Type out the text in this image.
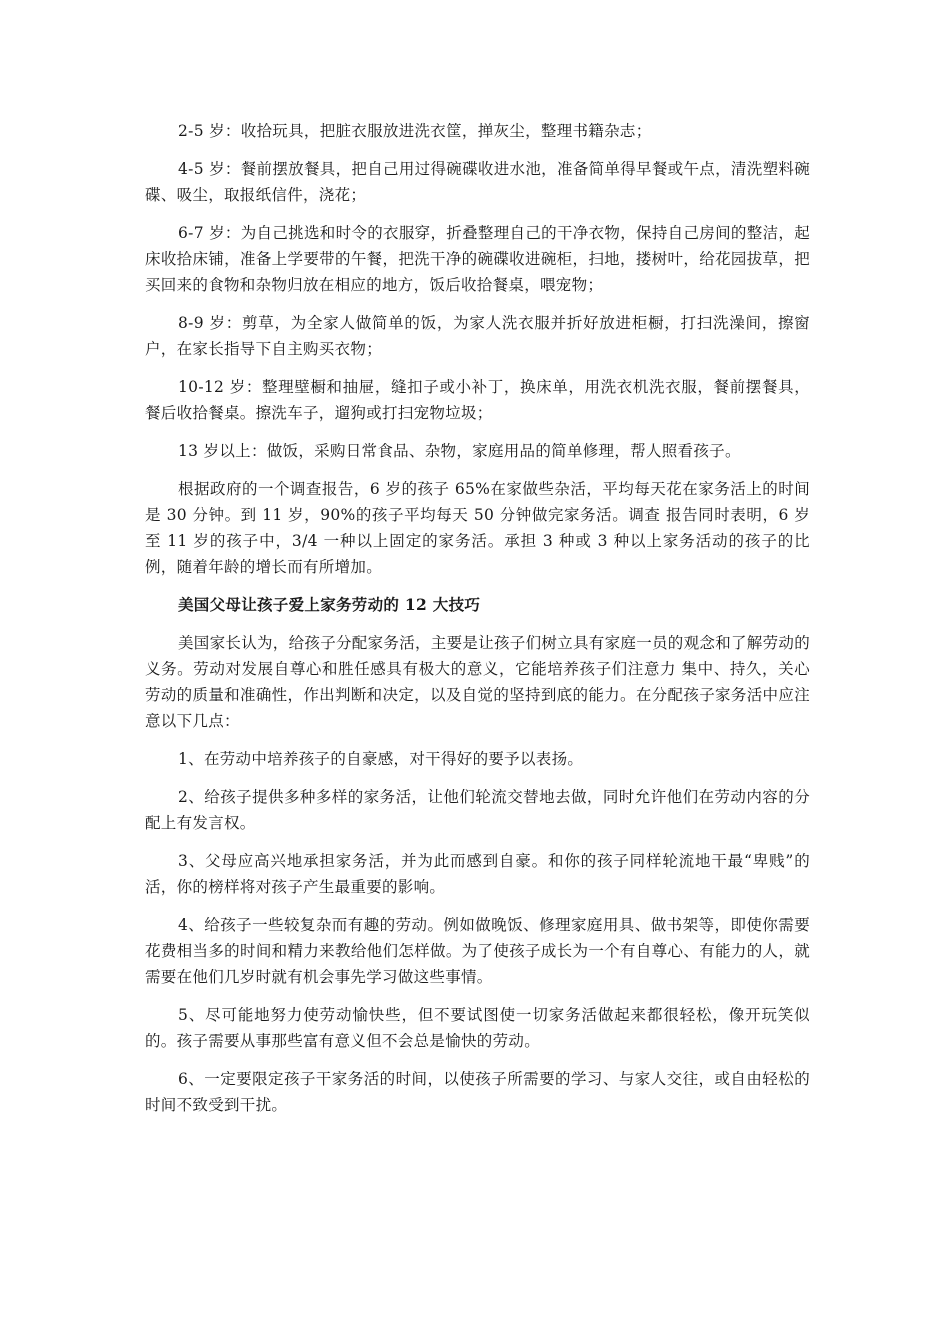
2-5 岁：收拾玩具，把脏衣服放进洗衣筐，掸灰尘，整理书籍杂志；

4-5 岁：餐前摆放餐具，把自己用过得碗碟收进水池，准备简单得早餐或午点，清洗塑料碗碟、吸尘，取报纸信件，浇花；

6-7 岁：为自己挑选和时令的衣服穿，折叠整理自己的干净衣物，保持自己房间的整洁，起床收拾床铺，准备上学要带的午餐，把洗干净的碗碟收进碗柜，扫地，搂树叶，给花园拔草，把买回来的食物和杂物归放在相应的地方，饭后收拾餐桌，喂宠物；

8-9 岁：剪草，为全家人做简单的饭，为家人洗衣服并折好放进柜橱，打扫洗澡间，擦窗户，在家长指导下自主购买衣物；

10-12 岁：整理壁橱和抽屉，缝扣子或小补丁，换床单，用洗衣机洗衣服，餐前摆餐具，餐后收拾餐桌。擦洗车子，遛狗或打扫宠物垃圾；

13 岁以上：做饭，采购日常食品、杂物，家庭用品的简单修理，帮人照看孩子。

根据政府的一个调查报告，6 岁的孩子 65%在家做些杂活，平均每天花在家务活上的时间是 30 分钟。到 11 岁，90%的孩子平均每天 50 分钟做完家务活。调查 报告同时表明，6 岁至 11 岁的孩子中，3/4 一种以上固定的家务活。承担 3 种或 3 种以上家务活动的孩子的比例，随着年龄的增长而有所增加。

美国父母让孩子爱上家务劳动的 12 大技巧

美国家长认为，给孩子分配家务活，主要是让孩子们树立具有家庭一员的观念和了解劳动的义务。劳动对发展自尊心和胜任感具有极大的意义，它能培养孩子们注意力 集中、持久，关心劳动的质量和准确性，作出判断和决定，以及自觉的坚持到底的能力。在分配孩子家务活中应注意以下几点：

1、在劳动中培养孩子的自豪感，对干得好的要予以表扬。

2、给孩子提供多种多样的家务活，让他们轮流交替地去做，同时允许他们在劳动内容的分配上有发言权。

3、父母应高兴地承担家务活，并为此而感到自豪。和你的孩子同样轮流地干最“卑贱”的活，你的榜样将对孩子产生最重要的影响。

4、给孩子一些较复杂而有趣的劳动。例如做晚饭、修理家庭用具、做书架等，即使你需要花费相当多的时间和精力来教给他们怎样做。为了使孩子成长为一个有自尊心、有能力的人，就需要在他们几岁时就有机会事先学习做这些事情。

5、尽可能地努力使劳动愉快些，但不要试图使一切家务活做起来都很轻松，像开玩笑似的。孩子需要从事那些富有意义但不会总是愉快的劳动。

6、一定要限定孩子干家务活的时间，以使孩子所需要的学习、与家人交往，或自由轻松的时间不致受到干扰。
